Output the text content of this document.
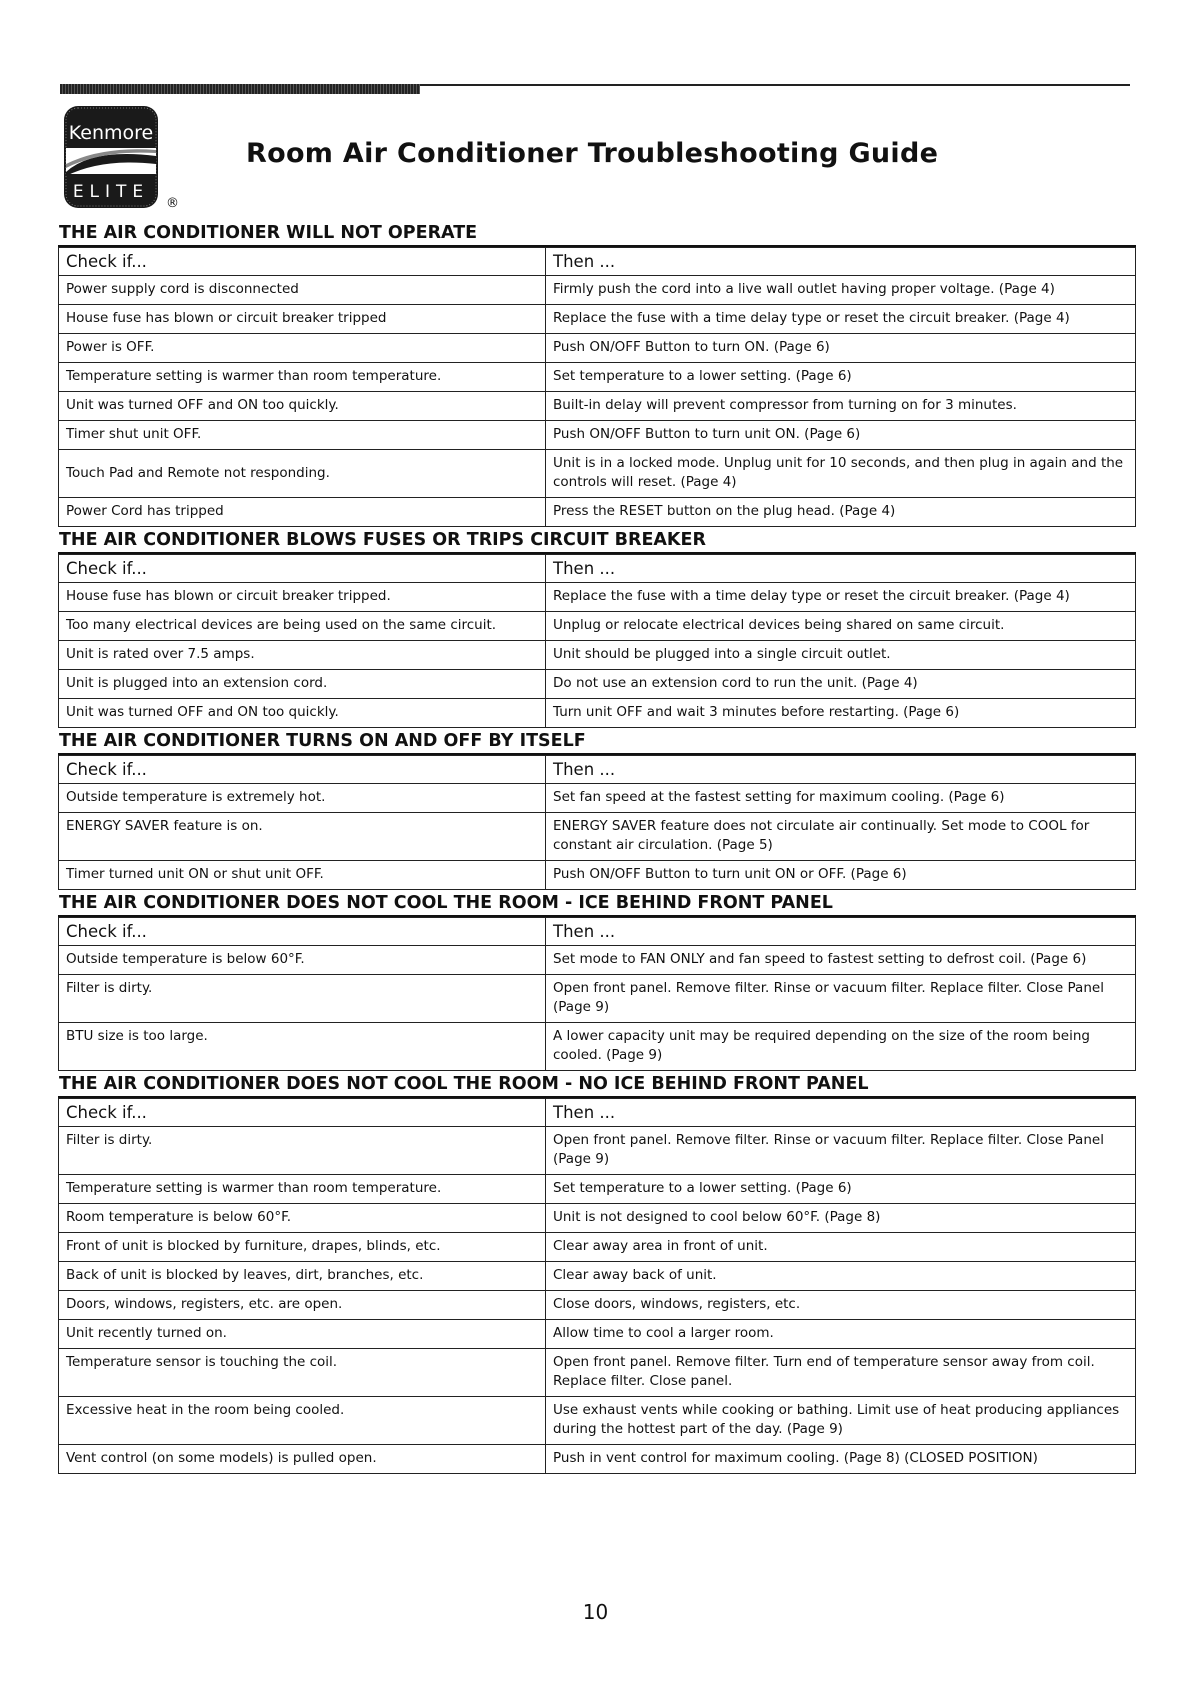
Kenmore
ELITE
®
Room Air Conditioner Troubleshooting Guide
THE AIR CONDITIONER WILL NOT OPERATE
Check if...	Then ...
Power supply cord is disconnected	Firmly push the cord into a live wall outlet having proper voltage. (Page 4)
House fuse has blown or circuit breaker tripped	Replace the fuse with a time delay type or reset the circuit breaker. (Page 4)
Power is OFF.	Push ON/OFF Button to turn ON. (Page 6)
Temperature setting is warmer than room temperature.	Set temperature to a lower setting. (Page 6)
Unit was turned OFF and ON too quickly.	Built-in delay will prevent compressor from turning on for 3 minutes.
Timer shut unit OFF.	Push ON/OFF Button to turn unit ON. (Page 6)
Touch Pad and Remote not responding.	Unit is in a locked mode. Unplug unit for 10 seconds, and then plug in again and the controls will reset. (Page 4)
Power Cord has tripped	Press the RESET button on the plug head. (Page 4)
THE AIR CONDITIONER BLOWS FUSES OR TRIPS CIRCUIT BREAKER
Check if...	Then ...
House fuse has blown or circuit breaker tripped.	Replace the fuse with a time delay type or reset the circuit breaker. (Page 4)
Too many electrical devices are being used on the same circuit.	Unplug or relocate electrical devices being shared on same circuit.
Unit is rated over 7.5 amps.	Unit should be plugged into a single circuit outlet.
Unit is plugged into an extension cord.	Do not use an extension cord to run the unit. (Page 4)
Unit was turned OFF and ON too quickly.	Turn unit OFF and wait 3 minutes before restarting. (Page 6)
THE AIR CONDITIONER TURNS ON AND OFF BY ITSELF
Check if...	Then ...
Outside temperature is extremely hot.	Set fan speed at the fastest setting for maximum cooling. (Page 6)
ENERGY SAVER feature is on.	ENERGY SAVER feature does not circulate air continually. Set mode to COOL for constant air circulation. (Page 5)
Timer turned unit ON or shut unit OFF.	Push ON/OFF Button to turn unit ON or OFF. (Page 6)
THE AIR CONDITIONER DOES NOT COOL THE ROOM - ICE BEHIND FRONT PANEL
Check if...	Then ...
Outside temperature is below 60°F.	Set mode to FAN ONLY and fan speed to fastest setting to defrost coil. (Page 6)
Filter is dirty.	Open front panel. Remove filter. Rinse or vacuum filter. Replace filter. Close Panel (Page 9)
BTU size is too large.	A lower capacity unit may be required depending on the size of the room being cooled. (Page 9)
THE AIR CONDITIONER DOES NOT COOL THE ROOM - NO ICE BEHIND FRONT PANEL
Check if...	Then ...
Filter is dirty.	Open front panel. Remove filter. Rinse or vacuum filter. Replace filter. Close Panel (Page 9)
Temperature setting is warmer than room temperature.	Set temperature to a lower setting. (Page 6)
Room temperature is below 60°F.	Unit is not designed to cool below 60°F. (Page 8)
Front of unit is blocked by furniture, drapes, blinds, etc.	Clear away area in front of unit.
Back of unit is blocked by leaves, dirt, branches, etc.	Clear away back of unit.
Doors, windows, registers, etc. are open.	Close doors, windows, registers, etc.
Unit recently turned on.	Allow time to cool a larger room.
Temperature sensor is touching the coil.	Open front panel. Remove filter. Turn end of temperature sensor away from coil. Replace filter. Close panel.
Excessive heat in the room being cooled.	Use exhaust vents while cooking or bathing. Limit use of heat producing appliances during the hottest part of the day. (Page 9)
Vent control (on some models) is pulled open.	Push in vent control for maximum cooling. (Page 8) (CLOSED POSITION)
10
